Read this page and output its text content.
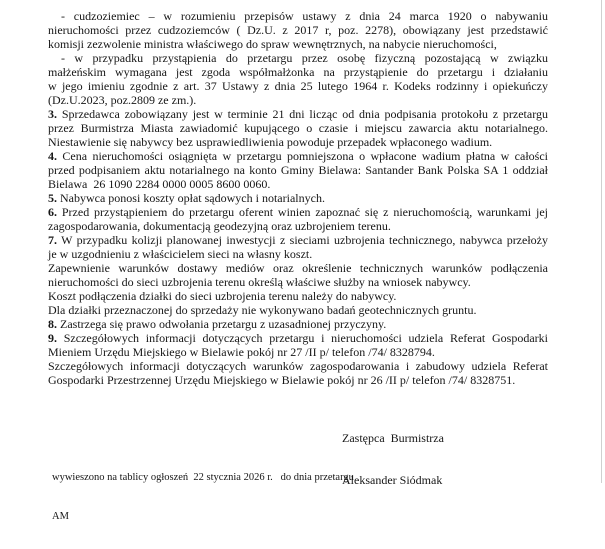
- cudzoziemiec – w rozumieniu przepisów ustawy z dnia 24 marca 1920 o nabywaniu
nieruchomości przez cudzoziemców ( Dz.U. z 2017 r, poz. 2278), obowiązany jest przedstawić
komisji zezwolenie ministra właściwego do spraw wewnętrznych, na nabycie nieruchomości,
- w przypadku przystąpienia do przetargu przez osobę fizyczną pozostającą w związku
małżeńskim wymagana jest zgoda współmałżonka na przystąpienie do przetargu i działaniu
w jego imieniu zgodnie z art. 37 Ustawy z dnia 25 lutego 1964 r. Kodeks rodzinny i opiekuńczy
(Dz.U.2023, poz.2809 ze zm.).
3. Sprzedawca zobowiązany jest w terminie 21 dni licząc od dnia podpisania protokołu z przetargu
przez Burmistrza Miasta zawiadomić kupującego o czasie i miejscu zawarcia aktu notarialnego.
Niestawienie się nabywcy bez usprawiedliwienia powoduje przepadek wpłaconego wadium.
4. Cena nieruchomości osiągnięta w przetargu pomniejszona o wpłacone wadium płatna w całości
przed podpisaniem aktu notarialnego na konto Gminy Bielawa: Santander Bank Polska SA 1 oddział
Bielawa  26 1090 2284 0000 0005 8600 0060.
5. Nabywca ponosi koszty opłat sądowych i notarialnych.
6. Przed przystąpieniem do przetargu oferent winien zapoznać się z nieruchomością, warunkami jej
zagospodarowania, dokumentacją geodezyjną oraz uzbrojeniem terenu.
7. W przypadku kolizji planowanej inwestycji z sieciami uzbrojenia technicznego, nabywca przełoży
je w uzgodnieniu z właścicielem sieci na własny koszt.
Zapewnienie warunków dostawy mediów oraz określenie technicznych warunków podłączenia
nieruchomości do sieci uzbrojenia terenu określą właściwe służby na wniosek nabywcy.
Koszt podłączenia działki do sieci uzbrojenia terenu należy do nabywcy.
Dla działki przeznaczonej do sprzedaży nie wykonywano badań geotechnicznych gruntu.
8. Zastrzega się prawo odwołania przetargu z uzasadnionej przyczyny.
9. Szczegółowych informacji dotyczących przetargu i nieruchomości udziela Referat Gospodarki
Mieniem Urzędu Miejskiego w Bielawie pokój nr 27 /II p/ telefon /74/ 8328794.
Szczegółowych informacji dotyczących warunków zagospodarowania i zabudowy udziela Referat
Gospodarki Przestrzennej Urzędu Miejskiego w Bielawie pokój nr 26 /II p/ telefon /74/ 8328751.

Zastępca  Burmistrza

Aleksander Siódmak

wywieszono na tablicy ogłoszeń  22 stycznia 2026 r.   do dnia przetargu

AM
